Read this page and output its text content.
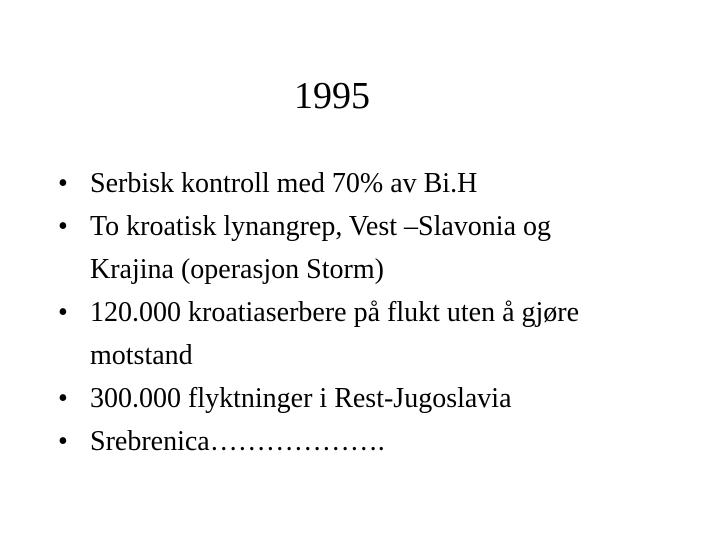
1995
• Serbisk kontroll med 70% av Bi.H
• To kroatisk lynangrep, Vest –Slavonia og
Krajina (operasjon Storm)
• 120.000 kroatiaserbere på flukt uten å gjøre
motstand
• 300.000 flyktninger i Rest-Jugoslavia
• Srebrenica……………….
